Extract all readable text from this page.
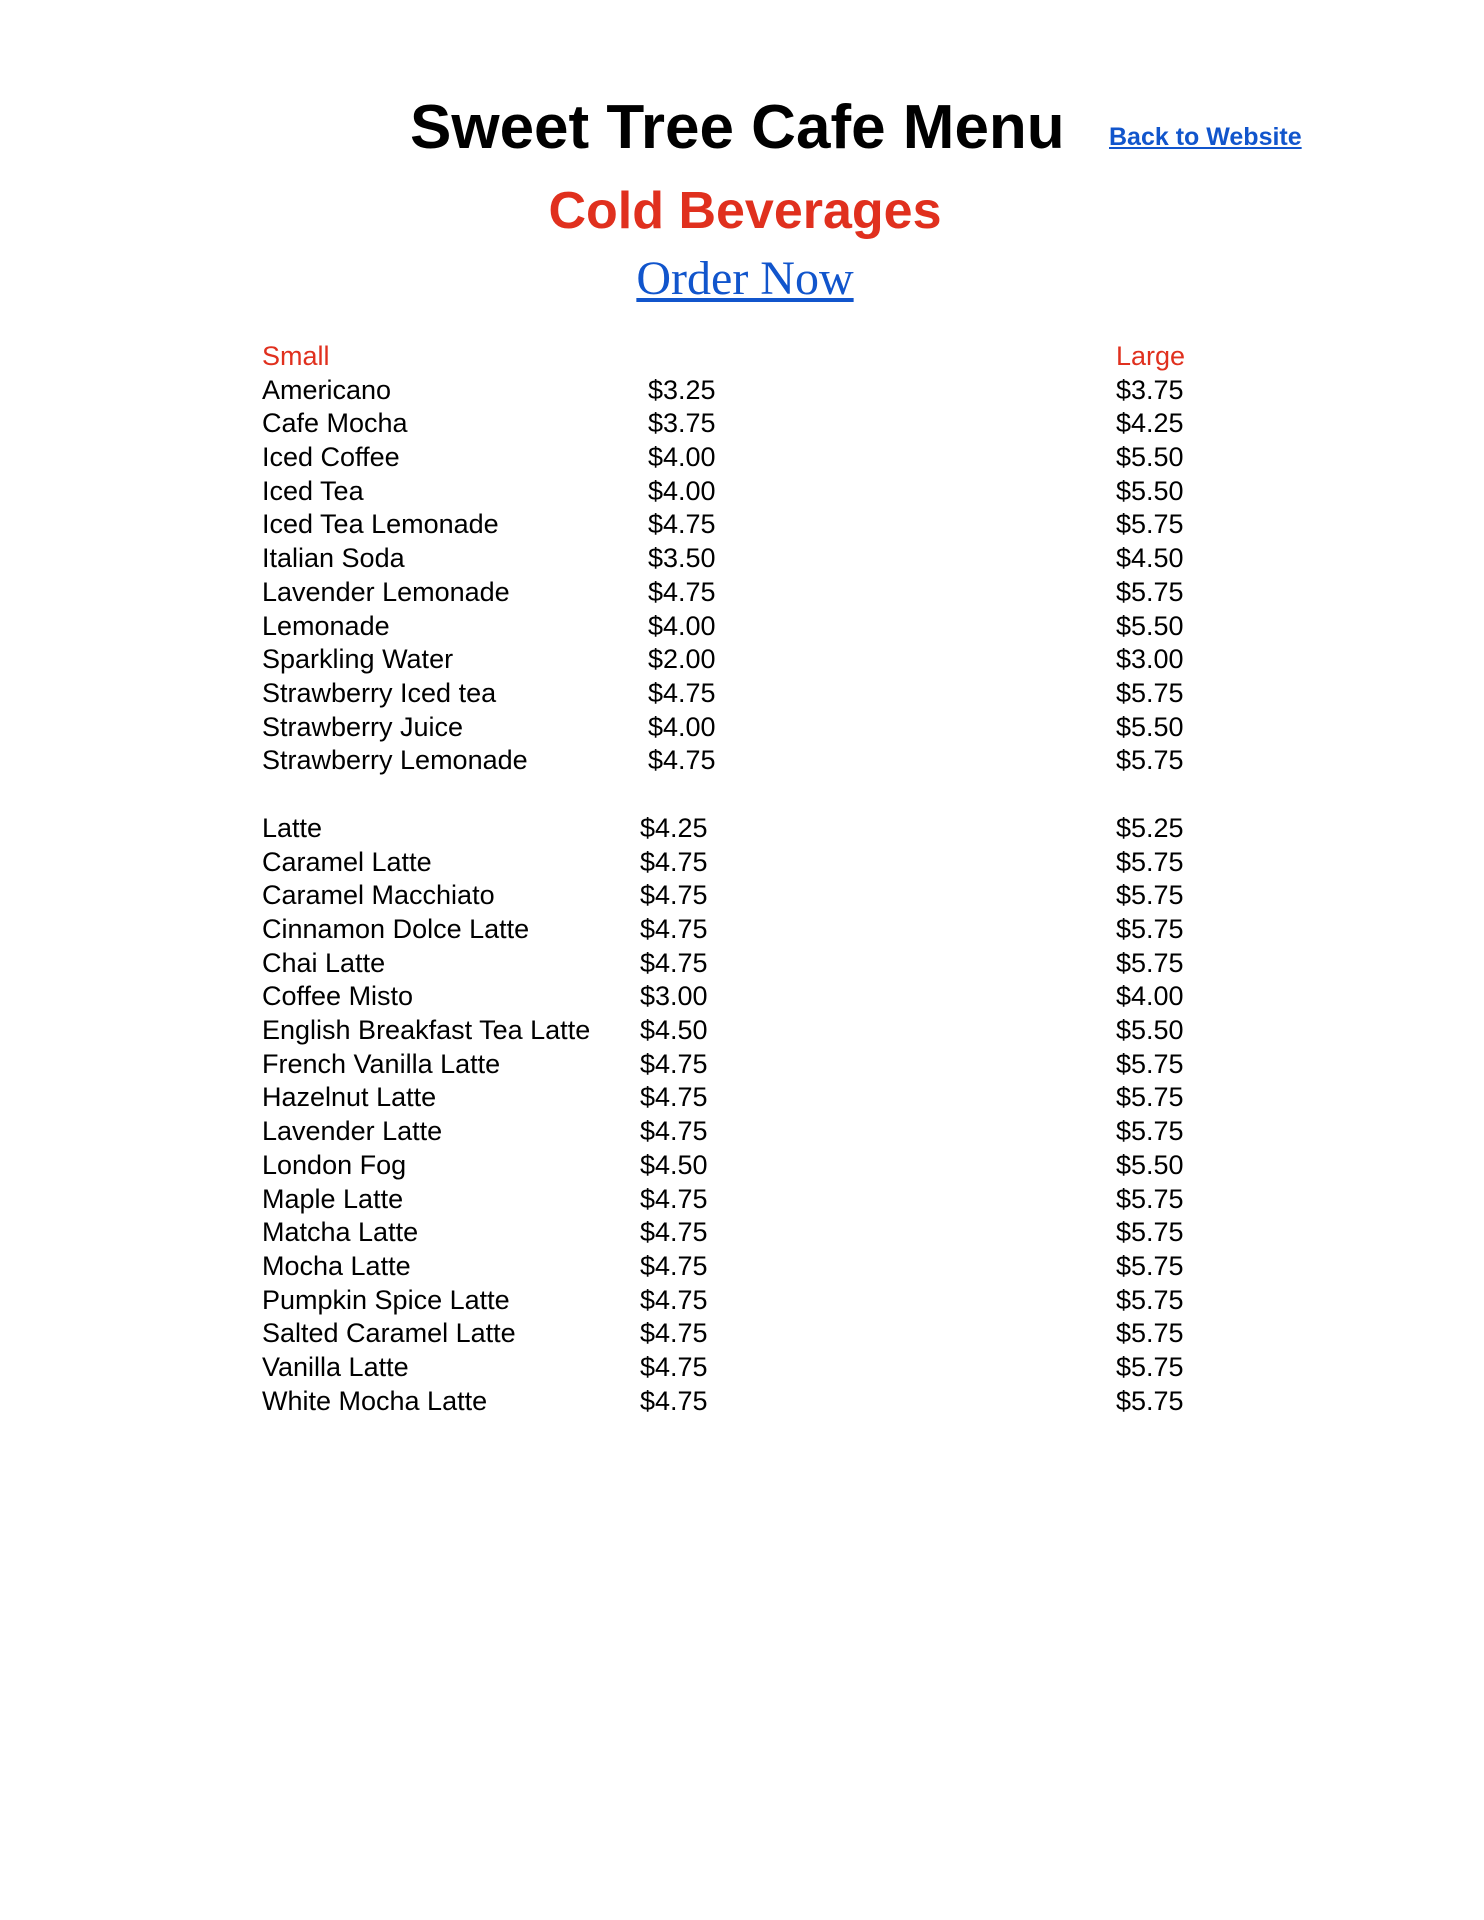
Sweet Tree Cafe Menu Back to Website
Cold Beverages
Order Now
Small	Large
Americano	$3.25	$3.75
Cafe Mocha	$3.75	$4.25
Iced Coffee	$4.00	$5.50
Iced Tea	$4.00	$5.50
Iced Tea Lemonade	$4.75	$5.75
Italian Soda	$3.50	$4.50
Lavender Lemonade	$4.75	$5.75
Lemonade	$4.00	$5.50
Sparkling Water	$2.00	$3.00
Strawberry Iced tea	$4.75	$5.75
Strawberry Juice	$4.00	$5.50
Strawberry Lemonade	$4.75	$5.75
Latte	$4.25	$5.25
Caramel Latte	$4.75	$5.75
Caramel Macchiato	$4.75	$5.75
Cinnamon Dolce Latte	$4.75	$5.75
Chai Latte	$4.75	$5.75
Coffee Misto	$3.00	$4.00
English Breakfast Tea Latte $4.50	$5.50
French Vanilla Latte	$4.75	$5.75
Hazelnut Latte	$4.75	$5.75
Lavender Latte	$4.75	$5.75
London Fog	$4.50	$5.50
Maple Latte	$4.75	$5.75
Matcha Latte	$4.75	$5.75
Mocha Latte	$4.75	$5.75
Pumpkin Spice Latte	$4.75	$5.75
Salted Caramel Latte	$4.75	$5.75
Vanilla Latte	$4.75	$5.75
White Mocha Latte	$4.75	$5.75
